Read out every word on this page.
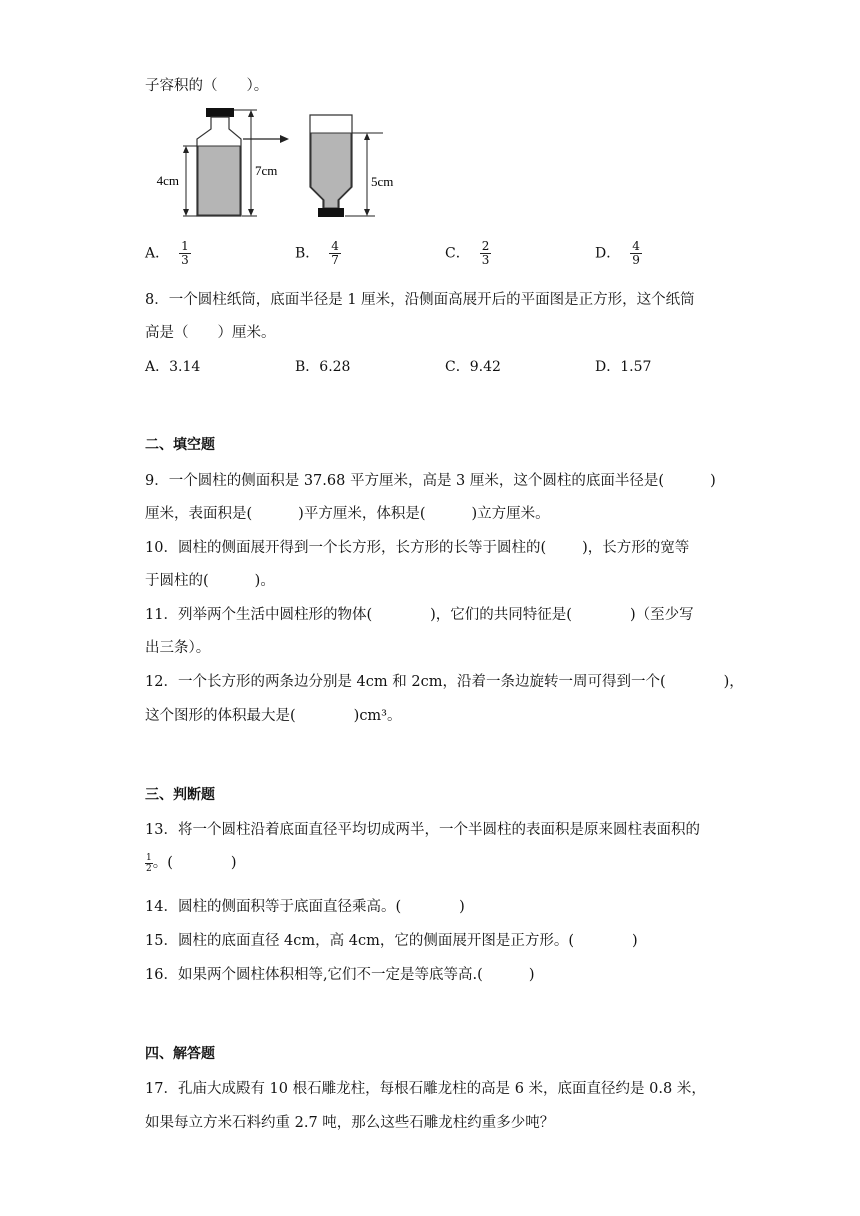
子容积的（　　）。
4cm
7cm
5cm
A． $\frac{1}{3}$	B． $\frac{4}{7}$	C． $\frac{2}{3}$	D． $\frac{4}{9}$
8．一个圆柱纸筒，底面半径是 1 厘米，沿侧面高展开后的平面图是正方形，这个纸筒
高是（　　）厘米。
A．3.14	B．6.28	C．9.42	D．1.57
二、填空题
9．一个圆柱的侧面积是 37.68 平方厘米，高是 3 厘米，这个圆柱的底面半径是(	)
厘米，表面积是(	)平方厘米，体积是(	)立方厘米。
10．圆柱的侧面展开得到一个长方形，长方形的长等于圆柱的( )，长方形的宽等
于圆柱的(	)。
11．列举两个生活中圆柱形的物体(	)，它们的共同特征是(	)（至少写
出三条）。
12．一个长方形的两条边分别是 4cm 和 2cm，沿着一条边旋转一周可得到一个(	)，
这个图形的体积最大是(	)cm³。
三、判断题
13．将一个圆柱沿着底面直径平均切成两半，一个半圆柱的表面积是原来圆柱表面积的
$\frac{1}{2}$ 。(	)
14．圆柱的侧面积等于底面直径乘高。(	)
15．圆柱的底面直径 4cm，高 4cm，它的侧面展开图是正方形。(	)
16．如果两个圆柱体积相等,它们不一定是等底等高.(	)
四、解答题
17．孔庙大成殿有 10 根石雕龙柱，每根石雕龙柱的高是 6 米，底面直径约是 0.8 米，
如果每立方米石料约重 2.7 吨，那么这些石雕龙柱约重多少吨？
